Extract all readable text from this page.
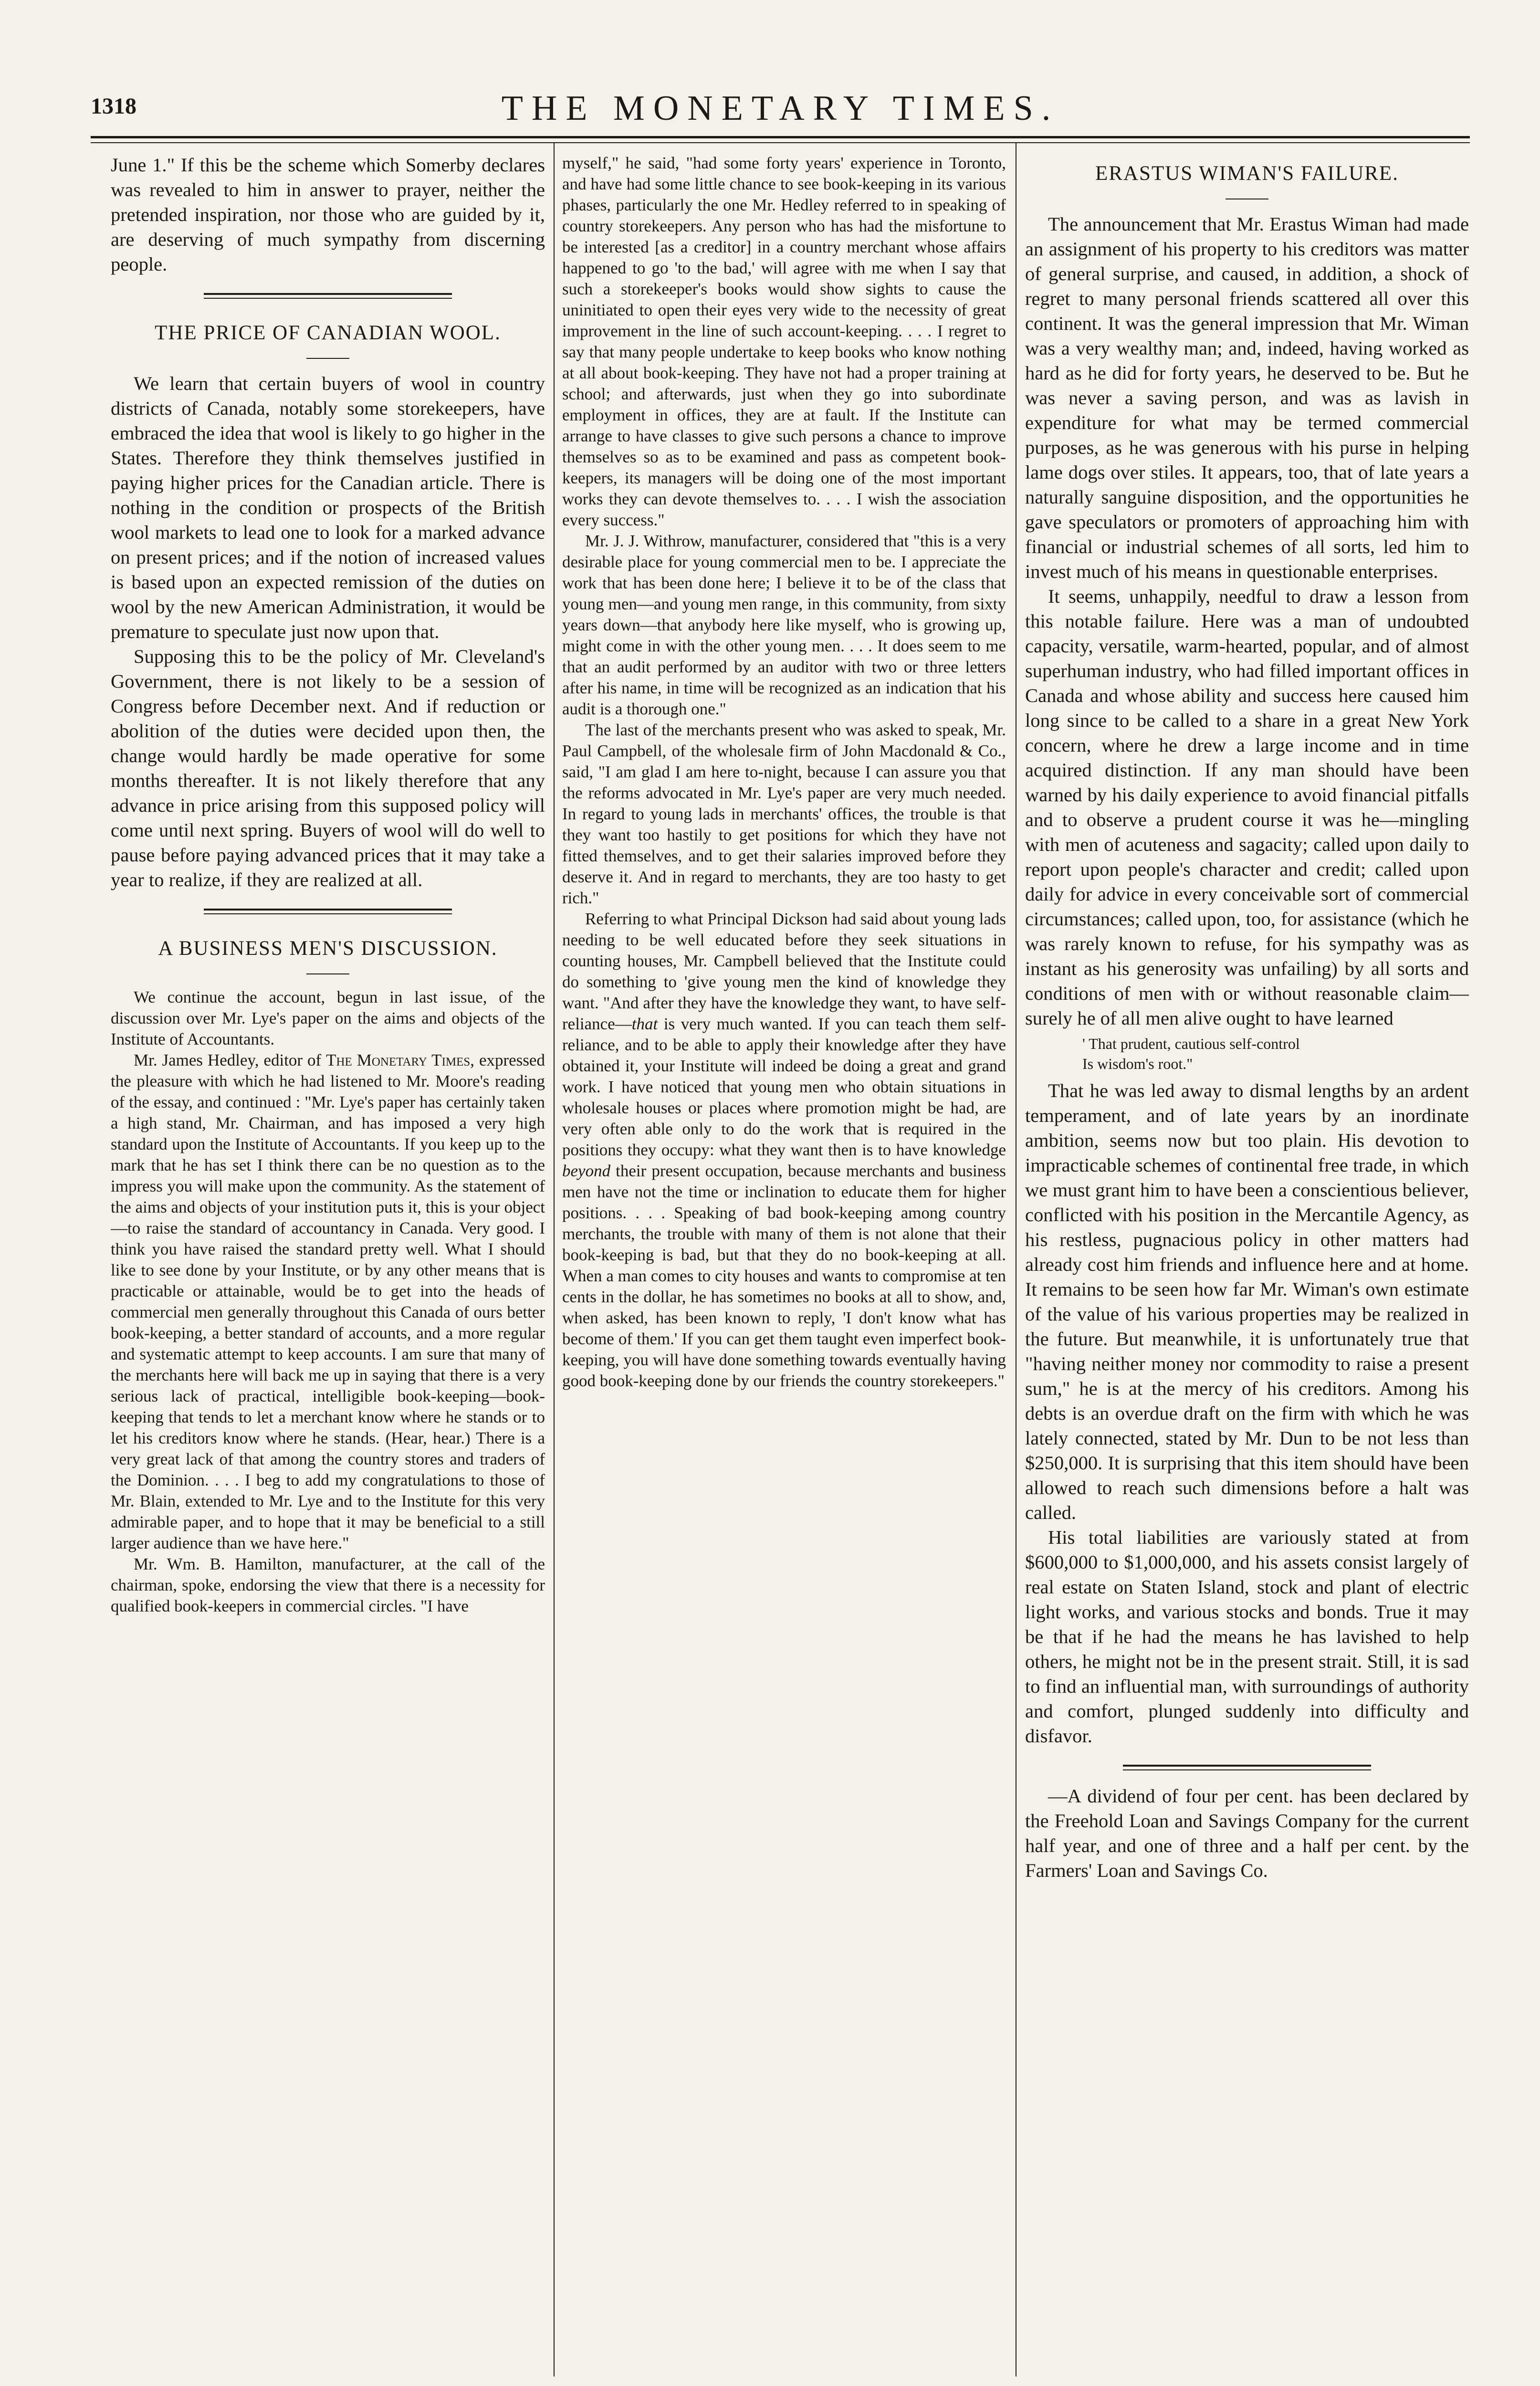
1318	THE MONETARY TIMES.

June 1." If this be the scheme which Somerby declares was revealed to him in answer to prayer, neither the pretended inspiration, nor those who are guided by it, are deserving of much sympathy from discerning people.

THE PRICE OF CANADIAN WOOL.

We learn that certain buyers of wool in country districts of Canada, notably some storekeepers, have embraced the idea that wool is likely to go higher in the States. Therefore they think themselves justified in paying higher prices for the Canadian article. There is nothing in the condition or prospects of the British wool markets to lead one to look for a marked advance on present prices; and if the notion of increased values is based upon an expected remission of the duties on wool by the new American Administration, it would be premature to speculate just now upon that.

Supposing this to be the policy of Mr. Cleveland's Government, there is not likely to be a session of Congress before December next. And if reduction or abolition of the duties were decided upon then, the change would hardly be made operative for some months thereafter. It is not likely therefore that any advance in price arising from this supposed policy will come until next spring. Buyers of wool will do well to pause before paying advanced prices that it may take a year to realize, if they are realized at all.

A BUSINESS MEN'S DISCUSSION.

We continue the account, begun in last issue, of the discussion over Mr. Lye's paper on the aims and objects of the Institute of Accountants.

Mr. James Hedley, editor of The Monetary Times, expressed the pleasure with which he had listened to Mr. Moore's reading of the essay, and continued : "Mr. Lye's paper has certainly taken a high stand, Mr. Chairman, and has imposed a very high standard upon the Institute of Accountants. If you keep up to the mark that he has set I think there can be no question as to the impress you will make upon the community. As the statement of the aims and objects of your institution puts it, this is your object—to raise the standard of accountancy in Canada. Very good. I think you have raised the standard pretty well. What I should like to see done by your Institute, or by any other means that is practicable or attainable, would be to get into the heads of commercial men generally throughout this Canada of ours better book-keeping, a better standard of accounts, and a more regular and systematic attempt to keep accounts. I am sure that many of the merchants here will back me up in saying that there is a very serious lack of practical, intelligible book-keeping—book-keeping that tends to let a merchant know where he stands or to let his creditors know where he stands. (Hear, hear.) There is a very great lack of that among the country stores and traders of the Dominion. . . . I beg to add my congratulations to those of Mr. Blain, extended to Mr. Lye and to the Institute for this very admirable paper, and to hope that it may be beneficial to a still larger audience than we have here."

Mr. Wm. B. Hamilton, manufacturer, at the call of the chairman, spoke, endorsing the view that there is a necessity for qualified book-keepers in commercial circles. "I have

myself," he said, "had some forty years' experience in Toronto, and have had some little chance to see book-keeping in its various phases, particularly the one Mr. Hedley referred to in speaking of country storekeepers. Any person who has had the misfortune to be interested [as a creditor] in a country merchant whose affairs happened to go 'to the bad,' will agree with me when I say that such a storekeeper's books would show sights to cause the uninitiated to open their eyes very wide to the necessity of great improvement in the line of such account-keeping. . . . I regret to say that many people undertake to keep books who know nothing at all about book-keeping. They have not had a proper training at school; and afterwards, just when they go into subordinate employment in offices, they are at fault. If the Institute can arrange to have classes to give such persons a chance to improve themselves so as to be examined and pass as competent book-keepers, its managers will be doing one of the most important works they can devote themselves to. . . . I wish the association every success."

Mr. J. J. Withrow, manufacturer, considered that "this is a very desirable place for young commercial men to be. I appreciate the work that has been done here; I believe it to be of the class that young men—and young men range, in this community, from sixty years down—that anybody here like myself, who is growing up, might come in with the other young men. . . . It does seem to me that an audit performed by an auditor with two or three letters after his name, in time will be recognized as an indication that his audit is a thorough one."

The last of the merchants present who was asked to speak, Mr. Paul Campbell, of the wholesale firm of John Macdonald & Co., said, "I am glad I am here to-night, because I can assure you that the reforms advocated in Mr. Lye's paper are very much needed. In regard to young lads in merchants' offices, the trouble is that they want too hastily to get positions for which they have not fitted themselves, and to get their salaries improved before they deserve it. And in regard to merchants, they are too hasty to get rich."

Referring to what Principal Dickson had said about young lads needing to be well educated before they seek situations in counting houses, Mr. Campbell believed that the Institute could do something to 'give young men the kind of knowledge they want. "And after they have the knowledge they want, to have self-reliance—that is very much wanted. If you can teach them self-reliance, and to be able to apply their knowledge after they have obtained it, your Institute will indeed be doing a great and grand work. I have noticed that young men who obtain situations in wholesale houses or places where promotion might be had, are very often able only to do the work that is required in the positions they occupy: what they want then is to have knowledge beyond their present occupation, because merchants and business men have not the time or inclination to educate them for higher positions. . . . Speaking of bad book-keeping among country merchants, the trouble with many of them is not alone that their book-keeping is bad, but that they do no book-keeping at all. When a man comes to city houses and wants to compromise at ten cents in the dollar, he has sometimes no books at all to show, and, when asked, has been known to reply, 'I don't know what has become of them.' If you can get them taught even imperfect book-keeping, you will have done something towards eventually having good book-keeping done by our friends the country storekeepers."

ERASTUS WIMAN'S FAILURE.

The announcement that Mr. Erastus Wiman had made an assignment of his property to his creditors was matter of general surprise, and caused, in addition, a shock of regret to many personal friends scattered all over this continent. It was the general impression that Mr. Wiman was a very wealthy man; and, indeed, having worked as hard as he did for forty years, he deserved to be. But he was never a saving person, and was as lavish in expenditure for what may be termed commercial purposes, as he was generous with his purse in helping lame dogs over stiles. It appears, too, that of late years a naturally sanguine disposition, and the opportunities he gave speculators or promoters of approaching him with financial or industrial schemes of all sorts, led him to invest much of his means in questionable enterprises.

It seems, unhappily, needful to draw a lesson from this notable failure. Here was a man of undoubted capacity, versatile, warm-hearted, popular, and of almost superhuman industry, who had filled important offices in Canada and whose ability and success here caused him long since to be called to a share in a great New York concern, where he drew a large income and in time acquired distinction. If any man should have been warned by his daily experience to avoid financial pitfalls and to observe a prudent course it was he—mingling with men of acuteness and sagacity; called upon daily to report upon people's character and credit; called upon daily for advice in every conceivable sort of commercial circumstances; called upon, too, for assistance (which he was rarely known to refuse, for his sympathy was as instant as his generosity was unfailing) by all sorts and conditions of men with or without reasonable claim—surely he of all men alive ought to have learned

' That prudent, cautious self-control
Is wisdom's root."

That he was led away to dismal lengths by an ardent temperament, and of late years by an inordinate ambition, seems now but too plain. His devotion to impracticable schemes of continental free trade, in which we must grant him to have been a conscientious believer, conflicted with his position in the Mercantile Agency, as his restless, pugnacious policy in other matters had already cost him friends and influence here and at home. It remains to be seen how far Mr. Wiman's own estimate of the value of his various properties may be realized in the future. But meanwhile, it is unfortunately true that "having neither money nor commodity to raise a present sum," he is at the mercy of his creditors. Among his debts is an overdue draft on the firm with which he was lately connected, stated by Mr. Dun to be not less than $250,000. It is surprising that this item should have been allowed to reach such dimensions before a halt was called.

His total liabilities are variously stated at from $600,000 to $1,000,000, and his assets consist largely of real estate on Staten Island, stock and plant of electric light works, and various stocks and bonds. True it may be that if he had the means he has lavished to help others, he might not be in the present strait. Still, it is sad to find an influential man, with surroundings of authority and comfort, plunged suddenly into difficulty and disfavor.

—A dividend of four per cent. has been declared by the Freehold Loan and Savings Company for the current half year, and one of three and a half per cent. by the Farmers' Loan and Savings Co.
